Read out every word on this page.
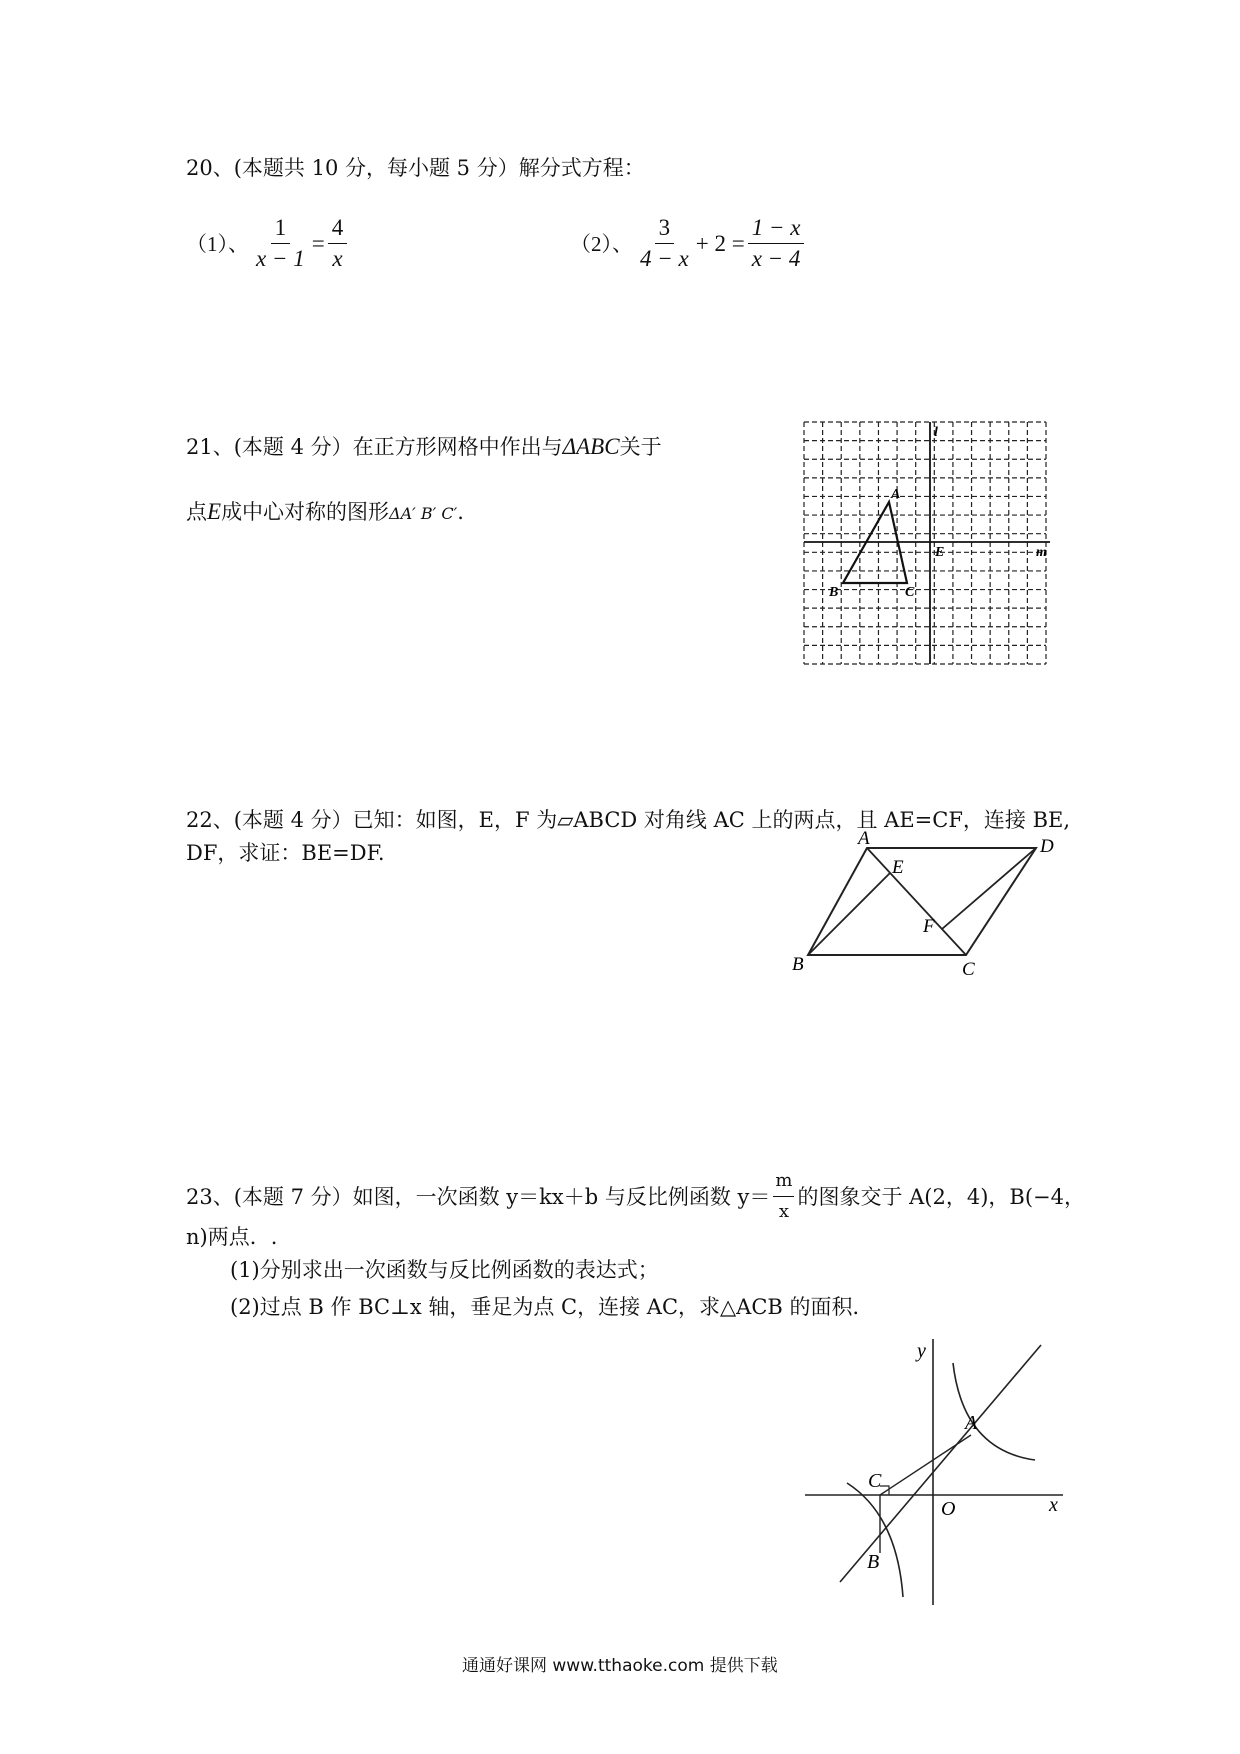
20、(本题共 10 分，每小题 5 分）解分式方程：
（1）、 $\frac{1}{x - 1} = \frac{4}{x}$	（2）、 $\frac{3}{4 - x} + 2 = \frac{1 - x}{x - 4}$
21、(本题 4 分）在正方形网格中作出与ΔABC关于
点E成中心对称的图形ΔA′ B′ C′.
A
B	C
E
l
m
22、(本题 4 分）已知：如图，E，F 为▱ABCD 对角线 AC 上的两点，且 AE=CF，连接 BE,
DF，求证：BE=DF.
A	D
E
F
B	C
23、(本题 7 分）如图，一次函数 y＝kx＋b 与反比例函数 $y= \frac{m}{x}$ 的图象交于 A(2，4)，B(−4，
n)两点．.
(1)分别求出一次函数与反比例函数的表达式；
(2)过点 B 作 BC⊥x 轴，垂足为点 C，连接 AC，求△ACB 的面积．
y
x
A
B
C
O
通通好课网 www.tthaoke.com 提供下载
